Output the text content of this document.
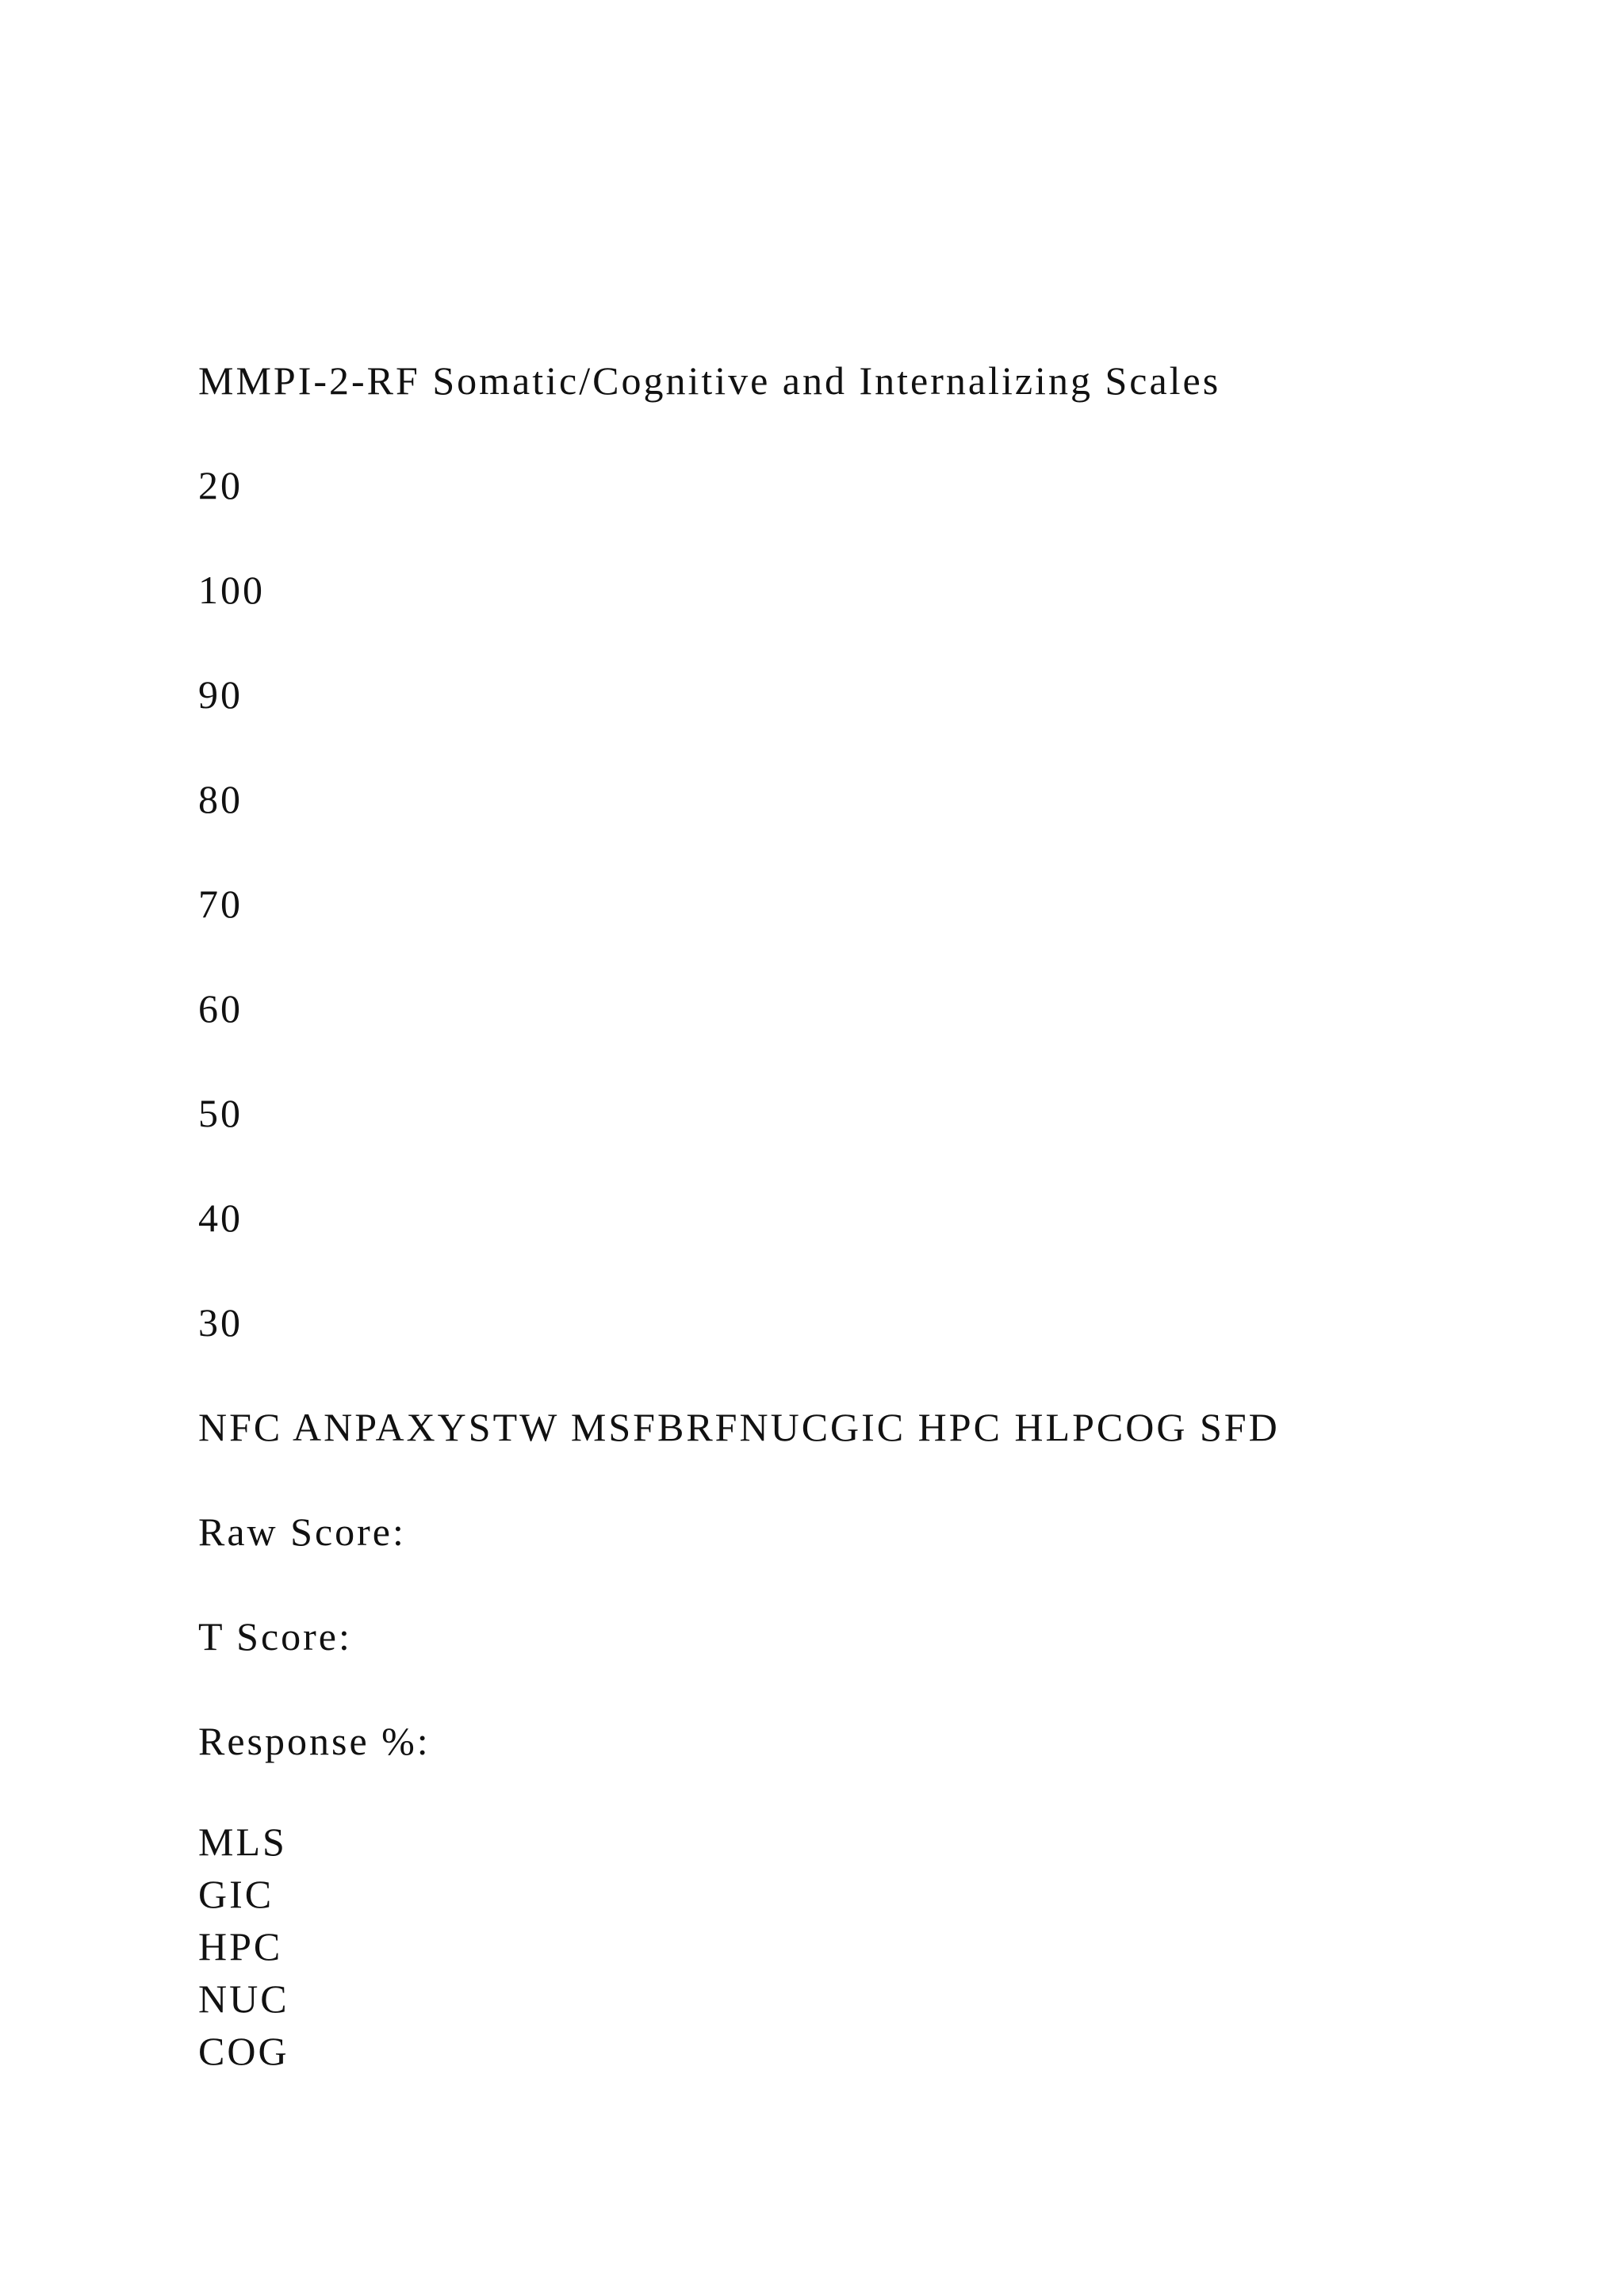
MMPI-2-RF Somatic/Cognitive and Internalizing Scales
20
100
90
80
70
60
50
40
30
NFC ANPAXYSTW MSFBRFNUCGIC HPC HLPCOG SFD
Raw Score:
T Score:
Response %:
MLS
GIC
HPC
NUC
COG
